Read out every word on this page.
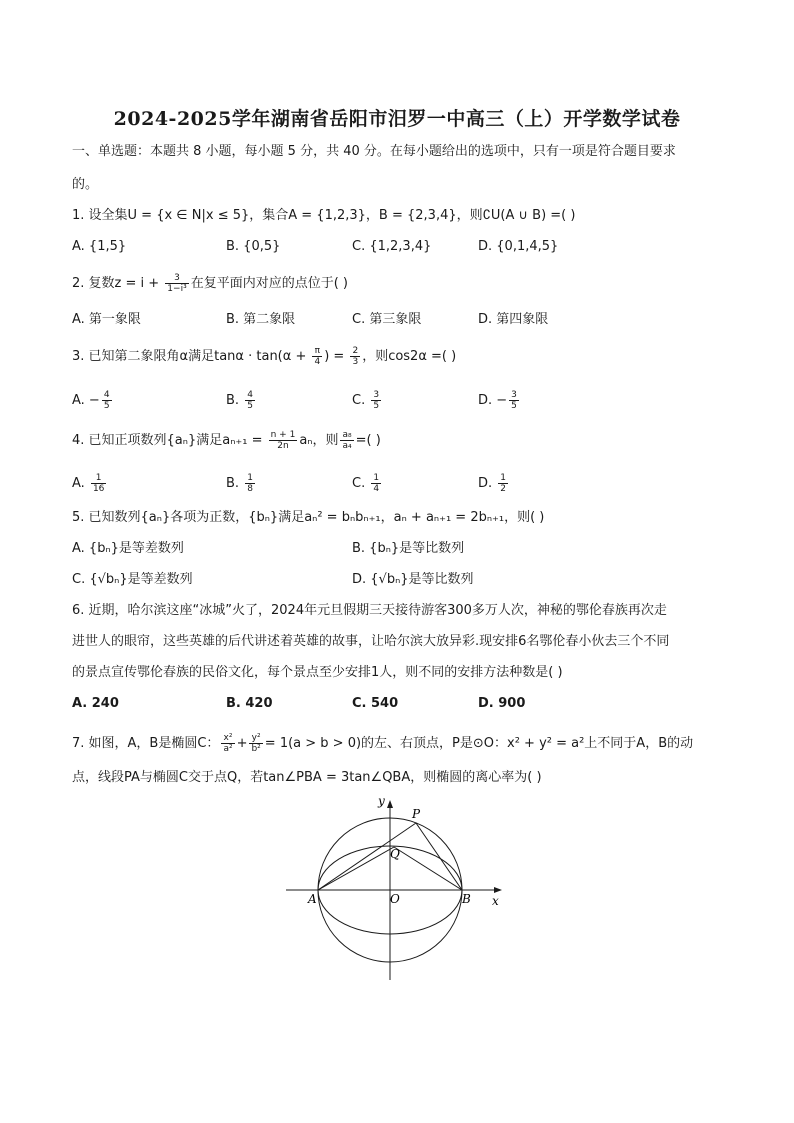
2024-2025学年湖南省岳阳市汨罗一中高三（上）开学数学试卷
一、单选题：本题共 8 小题，每小题 5 分，共 40 分。在每小题给出的选项中，只有一项是符合题目要求
的。
1. 设全集U = {x ∈ N|x ≤ 5}，集合A = {1,2,3}，B = {2,3,4}，则∁U(A ∪ B) =( )
A. {1,5}	B. {0,5}	C. {1,2,3,4}	D. {0,1,4,5}
2. 复数$z = i + \frac{3}{\text{1−i³}}$ 在复平面内对应的点位于( )
A. 第一象限	B. 第二象限	C. 第三象限	D. 第四象限
3. 已知第二象限角α满足$\tan\alpha \cdot \tan(\alpha + \frac{\pi}{4}$ ) = $\frac{2}{3}$ ，则cos2α =( )
A. − $\frac{4}{5}$	B. $\frac{4}{5}$	C. $\frac{3}{5}$	D. − $\frac{3}{5}$
4. 已知正项数列{aₙ}满足$a_{n+1} = \frac{n + 1}{2n}$ aₙ，则 $\frac{\text{a₈}}{\text{a₄}}$ =( )
A. $\frac{1}{16}$	B. $\frac{1}{8}$	C. $\frac{1}{4}$	D. $\frac{1}{2}$
5. 已知数列{aₙ}各项为正数，{bₙ}满足aₙ² = bₙbₙ₊₁，aₙ + aₙ₊₁ = 2bₙ₊₁，则( )
A. {bₙ}是等差数列	B. {bₙ}是等比数列
C. {√bₙ}是等差数列	D. {√bₙ}是等比数列
6. 近期，哈尔滨这座“冰城”火了，2024年元旦假期三天接待游客300多万人次，神秘的鄂伦春族再次走
进世人的眼帘，这些英雄的后代讲述着英雄的故事，让哈尔滨大放异彩.现安排6名鄂伦春小伙去三个不同
的景点宣传鄂伦春族的民俗文化，每个景点至少安排1人，则不同的安排方法种数是( )
A. 240	B. 420	C. 540	D. 900
7. 如图，A，B是椭圆C： $\frac{\text{x²}}{\text{a²}} + \frac{\text{y²}}{\text{b²}} = 1(a > b > 0)$的左、右顶点，P是⊙O：x² + y² = a²上不同于A，B的动
点，线段PA与椭圆C交于点Q，若tan∠PBA = 3tan∠QBA，则椭圆的离心率为( )
y
x
P
Q
A	O	B
